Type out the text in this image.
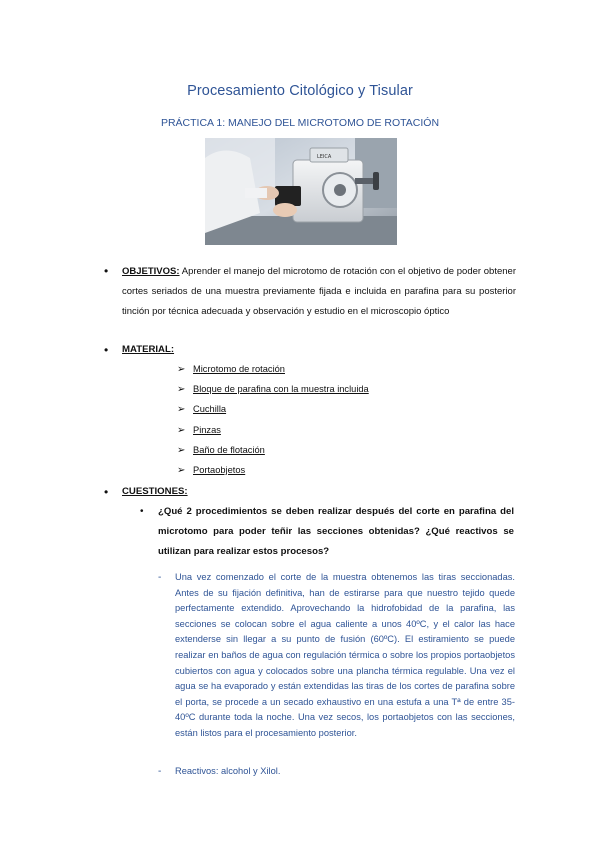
Procesamiento Citológico y Tisular
PRÁCTICA 1: MANEJO DEL MICROTOMO DE ROTACIÓN
LEICA
• OBJETIVOS: Aprender el manejo del microtomo de rotación con el objetivo de poder obtener cortes seriados de una muestra previamente fijada e incluida en parafina para su posterior tinción por técnica adecuada y observación y estudio en el microscopio óptico
• MATERIAL:
➢ Microtomo de rotación
➢ Bloque de parafina con la muestra incluida
➢ Cuchilla
➢ Pinzas
➢ Baño de flotación
➢ Portaobjetos
• CUESTIONES:
• ¿Qué 2 procedimientos se deben realizar después del corte en parafina del microtomo para poder teñir las secciones obtenidas? ¿Qué reactivos se utilizan para realizar estos procesos?
- Una vez comenzado el corte de la muestra obtenemos las tiras seccionadas. Antes de su fijación definitiva, han de estirarse para que nuestro tejido quede perfectamente extendido. Aprovechando la hidrofobidad de la parafina, las secciones se colocan sobre el agua caliente a unos 40ºC, y el calor las hace extenderse sin llegar a su punto de fusión (60ºC). El estiramiento se puede realizar en baños de agua con regulación térmica o sobre los propios portaobjetos cubiertos con agua y colocados sobre una plancha térmica regulable. Una vez el agua se ha evaporado y están extendidas las tiras de los cortes de parafina sobre el porta, se procede a un secado exhaustivo en una estufa a una Tª de entre 35-40ºC durante toda la noche. Una vez secos, los portaobjetos con las secciones, están listos para el procesamiento posterior.
- Reactivos: alcohol y Xilol.
